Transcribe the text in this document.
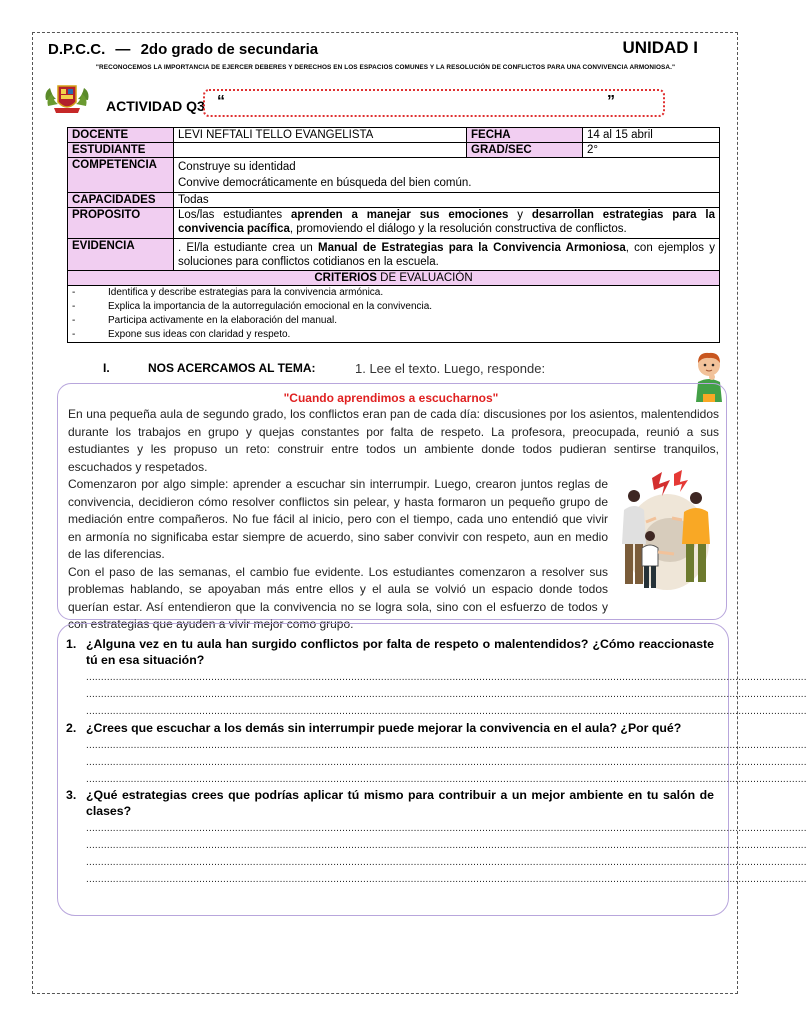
D.P.C.C. — 2do grado de secundaria	UNIDAD I
"RECONOCEMOS LA IMPORTANCIA DE EJERCER DEBERES Y DERECHOS EN LOS ESPACIOS COMUNES Y LA RESOLUCIÓN DE CONFLICTOS PARA UNA CONVIVENCIA ARMONIOSA."
ACTIVIDAD Q3 “	”
DOCENTE	LEVI NEFTALI TELLO EVANGELISTA	FECHA	14 al 15 abril
ESTUDIANTE		GRAD/SEC	2°
COMPETENCIA	Construye su identidad
Convive democráticamente en búsqueda del bien común.		

CAPACIDADES	Todas		
PROPOSITO	Los/las estudiantes aprenden a manejar sus emociones y desarrollan estrategias para la convivencia pacífica, promoviendo el diálogo y la resolución constructiva de conflictos.		
EVIDENCIA	. El/la estudiante crea un Manual de Estrategias para la Convivencia Armoniosa, con ejemplos y soluciones para conflictos cotidianos en la escuela.		
CRITERIOS DE EVALUACIÓN			

- Identifica y describe estrategias para la convivencia armónica.
- Explica la importancia de la autorregulación emocional en la convivencia.
- Participa activamente en la elaboración del manual.
- Expone sus ideas con claridad y respeto.			
I.	NOS ACERCAMOS AL TEMA:	1. Lee el texto. Luego, responde:
"Cuando aprendimos a escucharnos"

En una pequeña aula de segundo grado, los conflictos eran pan de cada día: discusiones por los asientos, malentendidos durante los trabajos en grupo y quejas constantes por falta de respeto. La profesora, preocupada, reunió a sus estudiantes y les propuso un reto: construir entre todos un ambiente donde todos pudieran sentirse tranquilos, escuchados y respetados.

Comenzaron por algo simple: aprender a escuchar sin interrumpir. Luego, crearon juntos reglas de convivencia, decidieron cómo resolver conflictos sin pelear, y hasta formaron un pequeño grupo de mediación entre compañeros. No fue fácil al inicio, pero con el tiempo, cada uno entendió que vivir en armonía no significaba estar siempre de acuerdo, sino saber convivir con respeto, aun en medio de las diferencias.

Con el paso de las semanas, el cambio fue evidente. Los estudiantes comenzaron a resolver sus problemas hablando, se apoyaban más entre ellos y el aula se volvió un espacio donde todos querían estar. Así entendieron que la convivencia no se logra sola, sino con el esfuerzo de todos y con estrategias que ayuden a vivir mejor como grupo.

1. ¿Alguna vez en tu aula han surgido conflictos por falta de respeto o malentendidos? ¿Cómo reaccionaste tú en esa situación?
..................................................................................................................................................................................................................................................
..................................................................................................................................................................................................................................................
..................................................................................................................................................................................................................................................
2. ¿Crees que escuchar a los demás sin interrumpir puede mejorar la convivencia en el aula? ¿Por qué?
..................................................................................................................................................................................................................................................
..................................................................................................................................................................................................................................................
..................................................................................................................................................................................................................................................
3. ¿Qué estrategias crees que podrías aplicar tú mismo para contribuir a un mejor ambiente en tu salón de clases?
..................................................................................................................................................................................................................................................
..................................................................................................................................................................................................................................................
..................................................................................................................................................................................................................................................
..................................................................................................................................................................................................................................................
